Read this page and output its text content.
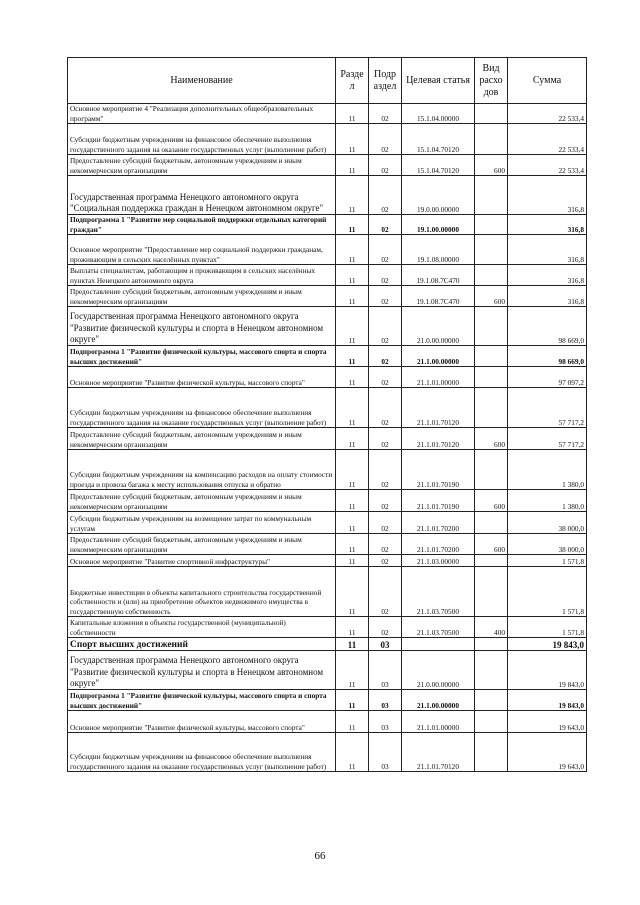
Наименование	Разде л	Подр аздел	Целевая статья	Вид расхо дов	Сумма
Основное мероприятие 4 "Реализация дополнительных общеобразовательных программ"	11	02	15.1.04.00000		22 533,4
Субсидии бюджетным учреждениям на финансовое обеспечение выполнения государственного задания на оказание государственных услуг (выполнение работ)	11	02	15.1.04.70120		22 533,4
Предоставление субсидий бюджетным, автономным учреждениям и иным некоммерческим организациям	11	02	15.1.04.70120	600	22 533,4
Государственная программа Ненецкого автономного округа "Социальная поддержка граждан в Ненецком автономном округе"	11	02	19.0.00.00000		316,8
Подпрограмма 1 "Развитие мер социальной поддержки отдельных категорий граждан"	11	02	19.1.00.00000		316,8
Основное мероприятие "Предоставление мер социальной поддержки гражданам, проживающим в сельских населённых пунктах"	11	02	19.1.08.00000		316,8
Выплаты специалистам, работающим и проживающим в сельских населённых пунктах Ненецкого автономного округа	11	02	19.1.08.7С470		316,8
Предоставление субсидий бюджетным, автономным учреждениям и иным некоммерческим организациям	11	02	19.1.08.7С470	600	316,8
Государственная программа Ненецкого автономного округа "Развитие физической культуры и спорта в Ненецком автономном округе"	11	02	21.0.00.00000		98 669,0
Подпрограмма 1 "Развитие физической культуры, массового спорта и спорта высших достижений"	11	02	21.1.00.00000		98 669,0
Основное мероприятие "Развитие физической культуры, массового спорта"	11	02	21.1.01.00000		97 097,2
Субсидии бюджетным учреждениям на финансовое обеспечение выполнения государственного задания на оказание государственных услуг (выполнение работ)	11	02	21.1.01.70120		57 717,2
Предоставление субсидий бюджетным, автономным учреждениям и иным некоммерческим организациям	11	02	21.1.01.70120	600	57 717,2
Субсидии бюджетным учреждениям на компенсацию расходов на оплату стоимости проезда и провоза багажа к месту использования отпуска и обратно	11	02	21.1.01.70190		1 380,0
Предоставление субсидий бюджетным, автономным учреждениям и иным некоммерческим организациям	11	02	21.1.01.70190	600	1 380,0
Субсидии бюджетным учреждениям на возмещение затрат по коммунальным услугам	11	02	21.1.01.70200		38 000,0
Предоставление субсидий бюджетным, автономным учреждениям и иным некоммерческим организациям	11	02	21.1.01.70200	600	38 000,0
Основное мероприятие "Развитие спортивной инфраструктуры"	11	02	21.1.03.00000		1 571,8
Бюджетные инвестиции в объекты капитального строительства государственной собственности и (или) на приобретение объектов недвижимого имущества в государственную собственность	11	02	21.1.03.70500		1 571,8
Капитальные вложения в объекты государственной (муниципальной) собственности	11	02	21.1.03.70500	400	1 571,8
Спорт высших достижений	11	03			19 843,0
Государственная программа Ненецкого автономного округа "Развитие физической культуры и спорта в Ненецком автономном округе"	11	03	21.0.00.00000		19 843,0
Подпрограмма 1 "Развитие физической культуры, массового спорта и спорта высших достижений"	11	03	21.1.00.00000		19 843,0
Основное мероприятие "Развитие физической культуры, массового спорта"	11	03	21.1.01.00000		19 643,0
Субсидии бюджетным учреждениям на финансовое обеспечение выполнения государственного задания на оказание государственных услуг (выполнение работ)	11	03	21.1.01.70120		19 643,0
66
